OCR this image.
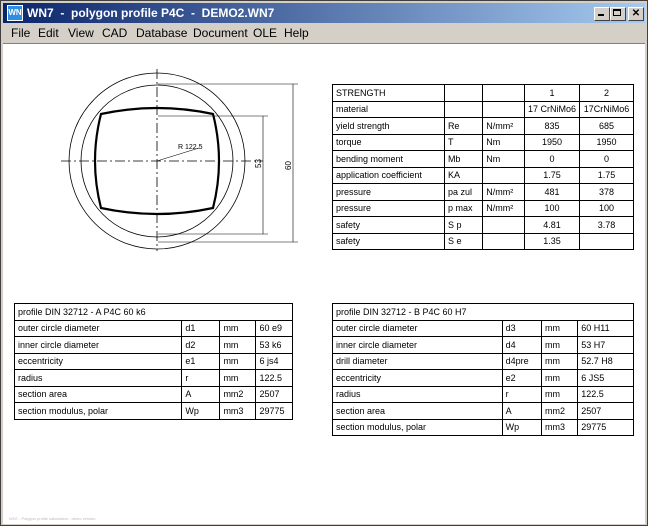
WN WN7  -  polygon profile P4C  -  DEMO2.WN7	✕
File Edit View CAD Database Document OLE Help
R 122.5
53	60
STRENGTH			1	2
material			17 CrNiMo6	17CrNiMo6
yield strength	Re	N/mm²	835	685
torque	T	Nm	1950	1950
bending moment	Mb	Nm	0	0
application coefficient	KA		1.75	1.75
pressure	pa zul	N/mm²	481	378
pressure	p max	N/mm²	100	100
safety	S p		4.81	3.78
safety	S e		1.35	
profile DIN 32712 - A P4C 60 k6			
outer circle diameter	d1	mm	60 e9
inner circle diameter	d2	mm	53 k6
eccentricity	e1	mm	6 js4
radius	r	mm	122.5
section area	A	mm2	2507
section modulus, polar	Wp	mm3	29775
profile DIN 32712 - B P4C 60 H7			
outer circle diameter	d3	mm	60 H11
inner circle diameter	d4	mm	53 H7
drill diameter	d4pre	mm	52.7 H8
eccentricity	e2	mm	6 JS5
radius	r	mm	122.5
section area	A	mm2	2507
section modulus, polar	Wp	mm3	29775
WN7 - Polygon profile calculation - demo version
